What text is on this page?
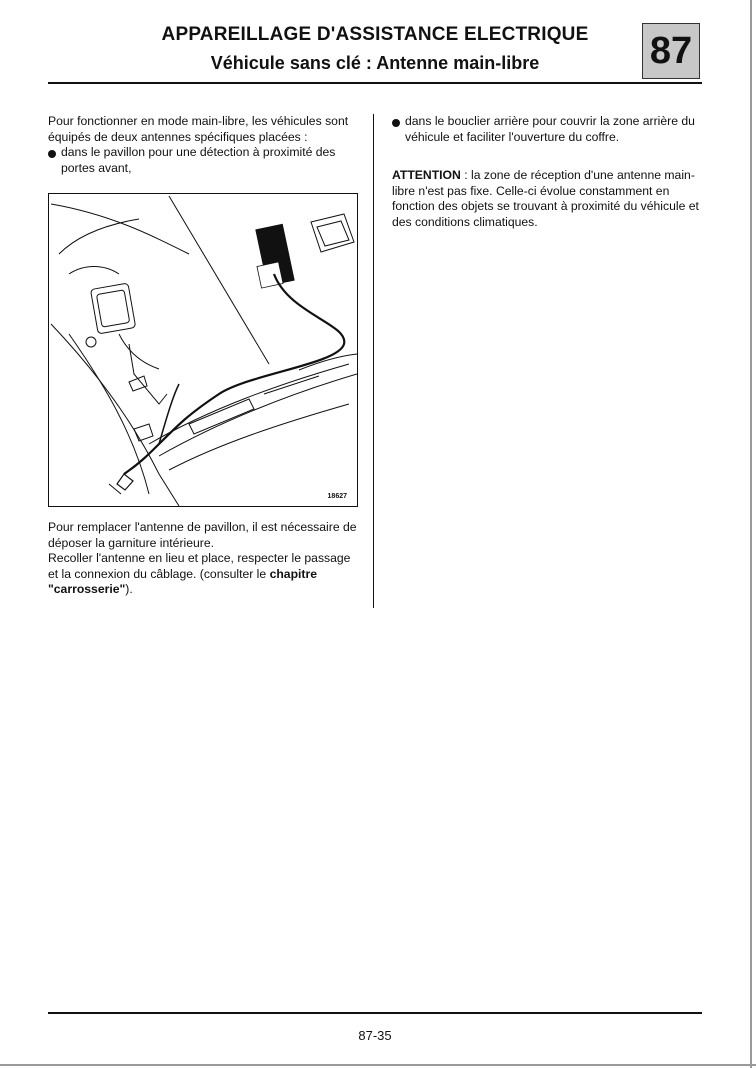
APPAREILLAGE D'ASSISTANCE ELECTRIQUE
Véhicule sans clé : Antenne main-libre	87

Pour fonctionner en mode main-libre, les véhicules sont équipés de deux antennes spécifiques placées :

dans le pavillon pour une détection à proximité des portes avant,
18627

Pour remplacer l'antenne de pavillon, il est nécessaire de déposer la garniture intérieure.

Recoller l'antenne en lieu et place, respecter le passage et la connexion du câblage. (consulter le chapitre "carrosserie").

dans le bouclier arrière pour couvrir la zone arrière du véhicule et faciliter l'ouverture du coffre.

ATTENTION : la zone de réception d'une antenne main-libre n'est pas fixe. Celle-ci évolue constamment en fonction des objets se trouvant à proximité du véhicule et des conditions climatiques.

87-35
